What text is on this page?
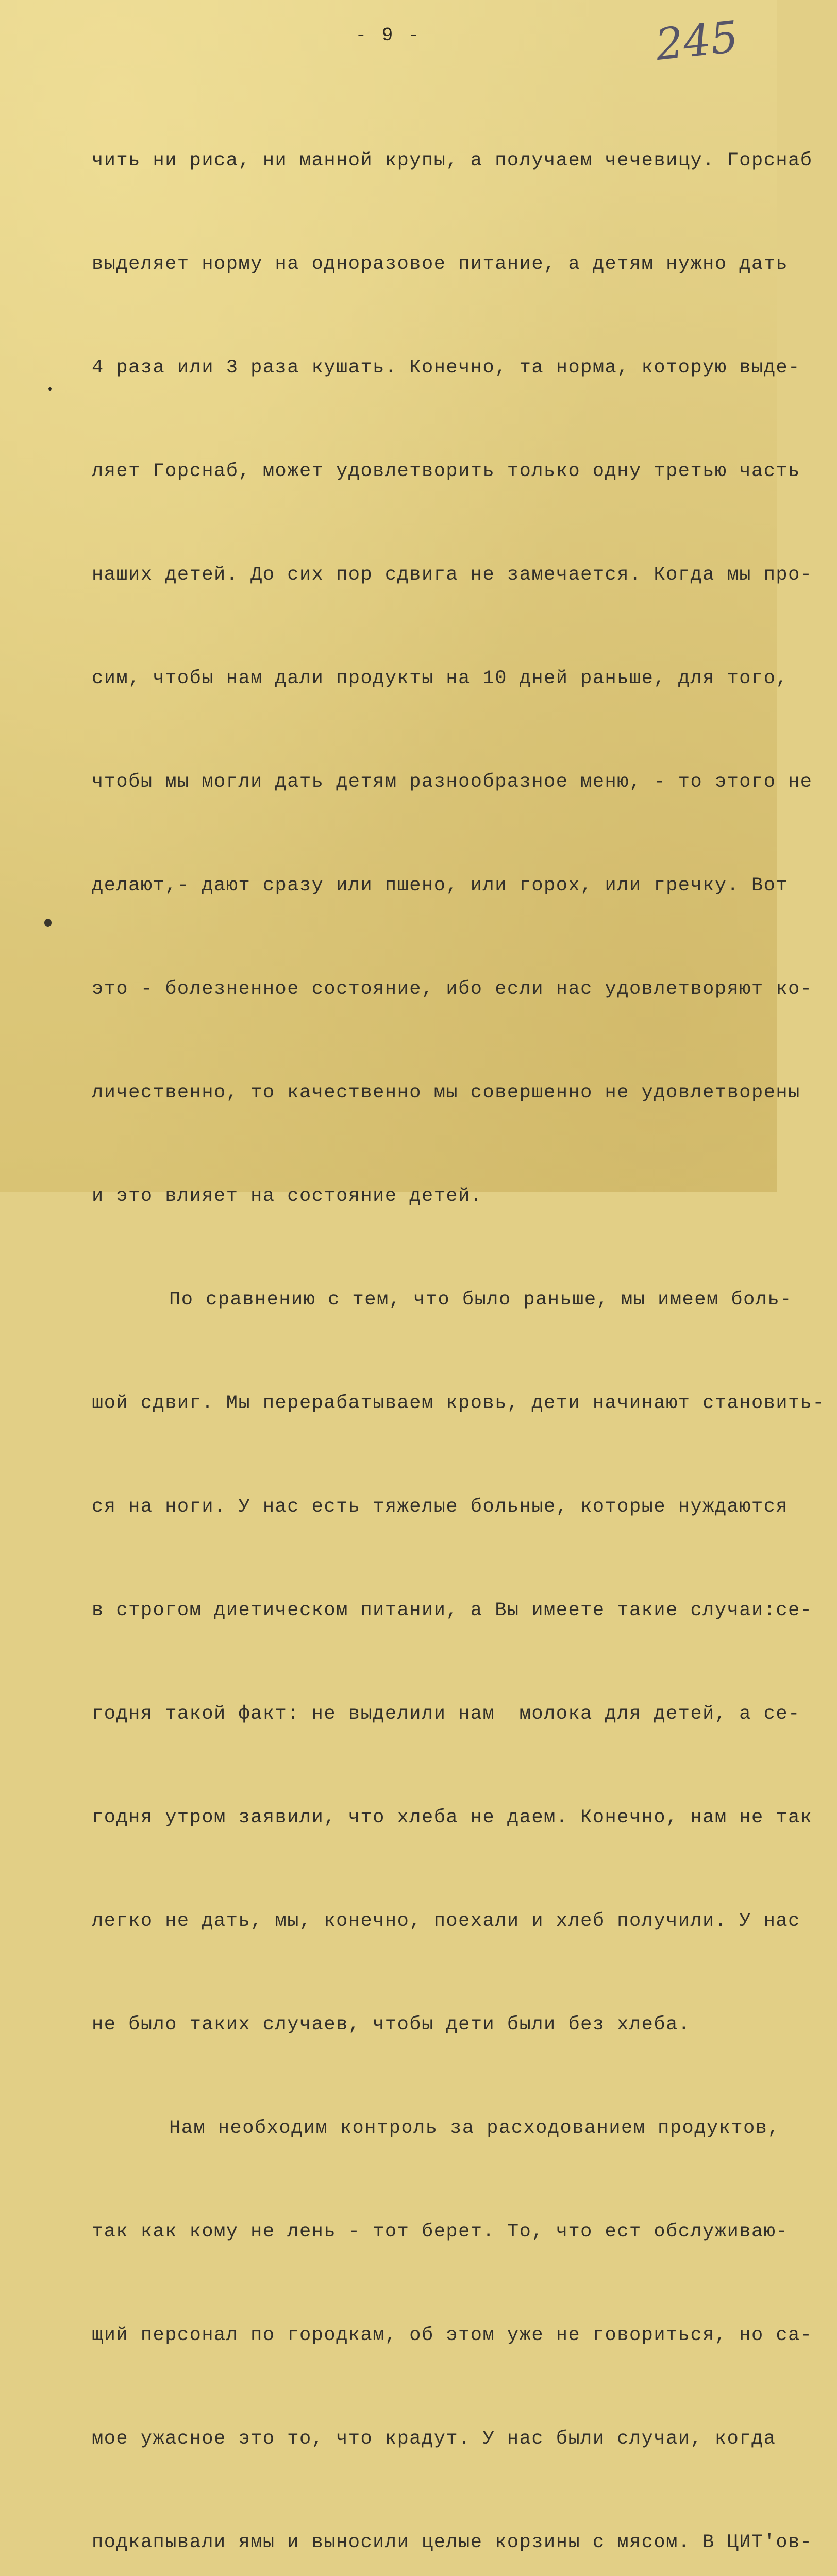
- 9 -	245

чить ни риса, ни манной крупы, а получаем чечевицу. Горснаб

выделяет норму на одноразовое питание, а детям нужно дать

4 раза или 3 раза кушать. Конечно, та норма, которую выде-

ляет Горснаб, может удовлетворить только одну третью часть

наших детей. До сих пор сдвига не замечается. Когда мы про-

сим, чтобы нам дали продукты на 10 дней раньше, для того,

чтобы мы могли дать детям разнообразное меню, - то этого не

делают,- дают сразу или пшено, или горох, или гречку. Вот

это - болезненное состояние, ибо если нас удовлетворяют ко-

личественно, то качественно мы совершенно не удовлетворены

и это влияет на состояние детей.

По сравнению с тем, что было раньше, мы имеем боль-

шой сдвиг. Мы перерабатываем кровь, дети начинают становить-

ся на ноги. У нас есть тяжелые больные, которые нуждаются

в строгом диетическом питании, а Вы имеете такие случаи:се-

годня такой факт: не выделили нам  молока для детей, а се-

годня утром заявили, что хлеба не даем. Конечно, нам не так

легко не дать, мы, конечно, поехали и хлеб получили. У нас

не было таких случаев, чтобы дети были без хлеба.

Нам необходим контроль за расходованием продуктов,

так как кому не лень - тот берет. То, что ест обслуживаю-

щий персонал по городкам, об этом уже не говориться, но са-

мое ужасное это то, что крадут. У нас были случаи, когда

подкапывали ямы и выносили целые корзины с мясом. В ЦИТ'ов-
